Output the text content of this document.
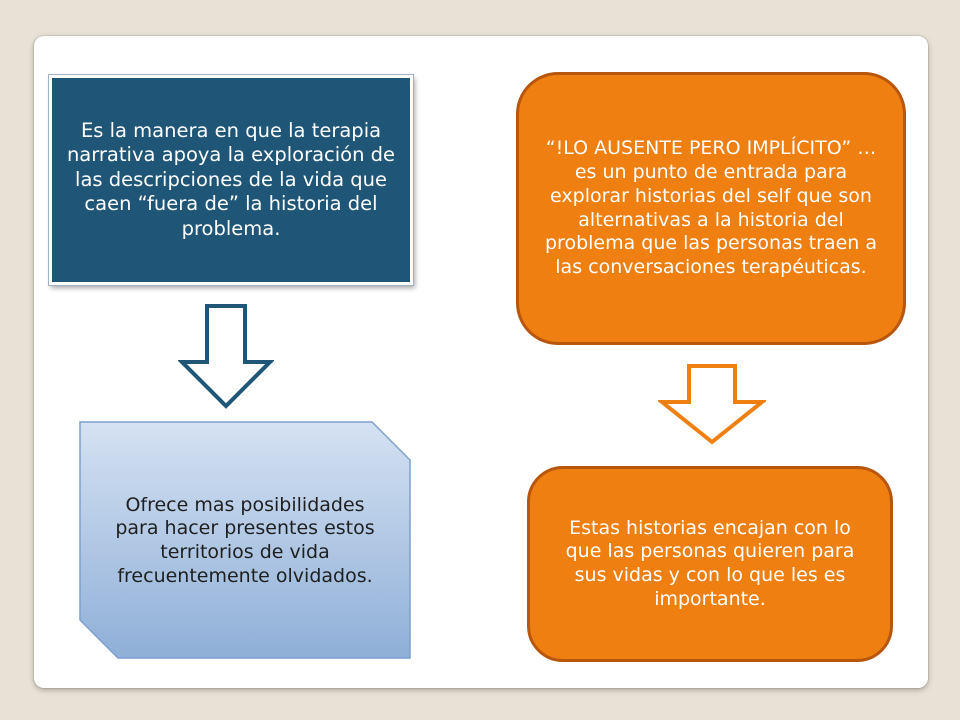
Es la manera en que la terapia narrativa apoya la exploración de las descripciones de la vida que caen “fuera de” la historia del problema.
Ofrece mas posibilidades para hacer presentes estos territorios de vida frecuentemente olvidados.
“!LO AUSENTE PERO IMPLÍCITO” … es un punto de entrada para explorar historias del self que son alternativas a la historia del problema que las personas traen a las conversaciones terapéuticas.
Estas historias encajan con lo que las personas quieren para sus vidas y con lo que les es importante.
